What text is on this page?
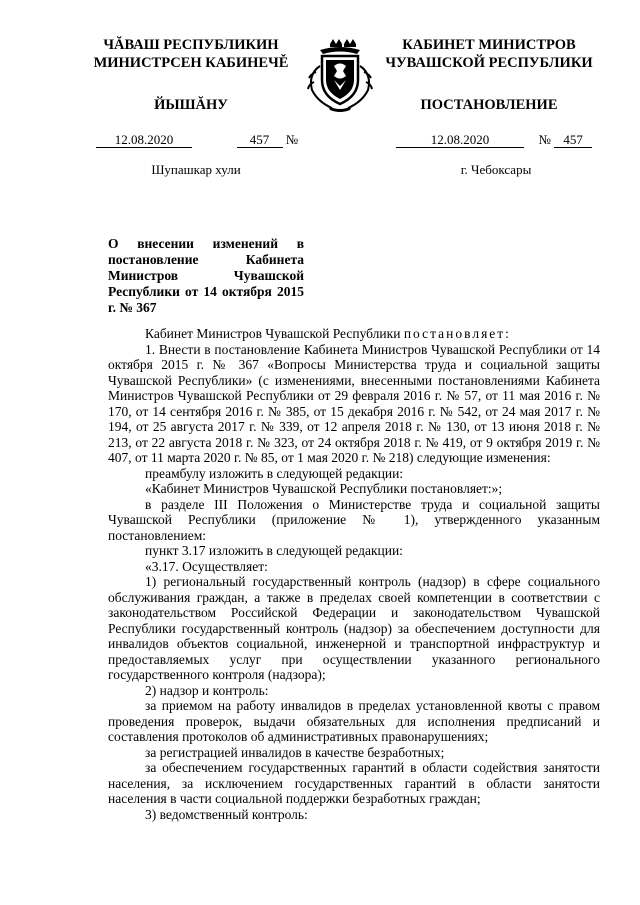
ЧĂВАШ РЕСПУБЛИКИН
МИНИСТРСЕН КАБИНЕЧĚ
ЙЫШĂНУ
КАБИНЕТ МИНИСТРОВ
ЧУВАШСКОЙ РЕСПУБЛИКИ
ПОСТАНОВЛЕНИЕ
12.08.2020	457 №	12.08.2020	№ 457
Шупашкар хули	г. Чебоксары
О внесении изменений в постановление Кабинета Министров Чувашской Республики от 14 октября 2015 г. № 367

Кабинет Министров Чувашской Республики постановляет:

1. Внести в постановление Кабинета Министров Чувашской Республики от 14 октября 2015 г. № 367 «Вопросы Министерства труда и социальной защиты Чувашской Республики» (с изменениями, внесенными постановлениями Кабинета Министров Чувашской Республики от 29 февраля 2016 г. № 57, от 11 мая 2016 г. № 170, от 14 сентября 2016 г. № 385, от 15 декабря 2016 г. № 542, от 24 мая 2017 г. № 194, от 25 августа 2017 г. № 339, от 12 апреля 2018 г. № 130, от 13 июня 2018 г. № 213, от 22 августа 2018 г. № 323, от 24 октября 2018 г. № 419, от 9 октября 2019 г. № 407, от 11 марта 2020 г. № 85, от 1 мая 2020 г. № 218) следующие изменения:

преамбулу изложить в следующей редакции:

«Кабинет Министров Чувашской Республики постановляет:»;

в разделе III Положения о Министерстве труда и социальной защиты Чувашской Республики (приложение № 1), утвержденного указанным постановлением:

пункт 3.17 изложить в следующей редакции:

«3.17. Осуществляет:

1) региональный государственный контроль (надзор) в сфере социального обслуживания граждан, а также в пределах своей компетенции в соответствии с законодательством Российской Федерации и законодательством Чувашской Республики государственный контроль (надзор) за обеспечением доступности для инвалидов объектов социальной, инженерной и транспортной инфраструктур и предоставляемых услуг при осуществлении указанного регионального государственного контроля (надзора);

2) надзор и контроль:

за приемом на работу инвалидов в пределах установленной квоты с правом проведения проверок, выдачи обязательных для исполнения предписаний и составления протоколов об административных правонарушениях;

за регистрацией инвалидов в качестве безработных;

за обеспечением государственных гарантий в области содействия занятости населения, за исключением государственных гарантий в области занятости населения в части социальной поддержки безработных граждан;

3) ведомственный контроль:
